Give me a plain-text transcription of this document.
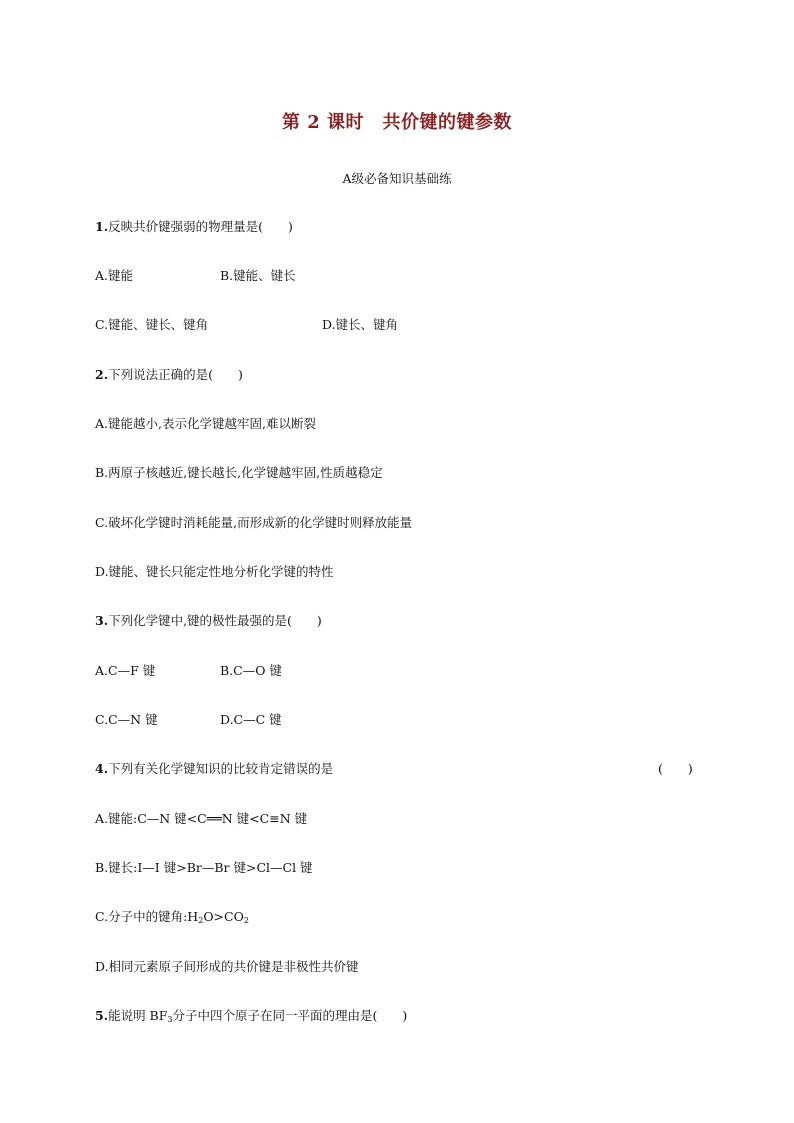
第 2 课时　共价键的键参数
A级必备知识基础练
1.反映共价键强弱的物理量是(　　)
A.键能	B.键能、键长
C.键能、键长、键角	D.键长、键角
2.下列说法正确的是(　　)
A.键能越小,表示化学键越牢固,难以断裂
B.两原子核越近,键长越长,化学键越牢固,性质越稳定
C.破坏化学键时消耗能量,而形成新的化学键时则释放能量
D.键能、键长只能定性地分析化学键的特性
3.下列化学键中,键的极性最强的是(　　)
A.C—F 键	B.C—O 键
C.C—N 键	D.C—C 键
4.下列有关化学键知识的比较肯定错误的是	(　　)
A.键能:C—N 键<C══N 键<C≡N 键
B.键长:I—I 键>Br—Br 键>Cl—Cl 键
C.分子中的键角$:H_2O>CO_2$
D.相同元素原子间形成的共价键是非极性共价键
5.能说明 $BF_3$分子中四个原子在同一平面的理由是(　　)
